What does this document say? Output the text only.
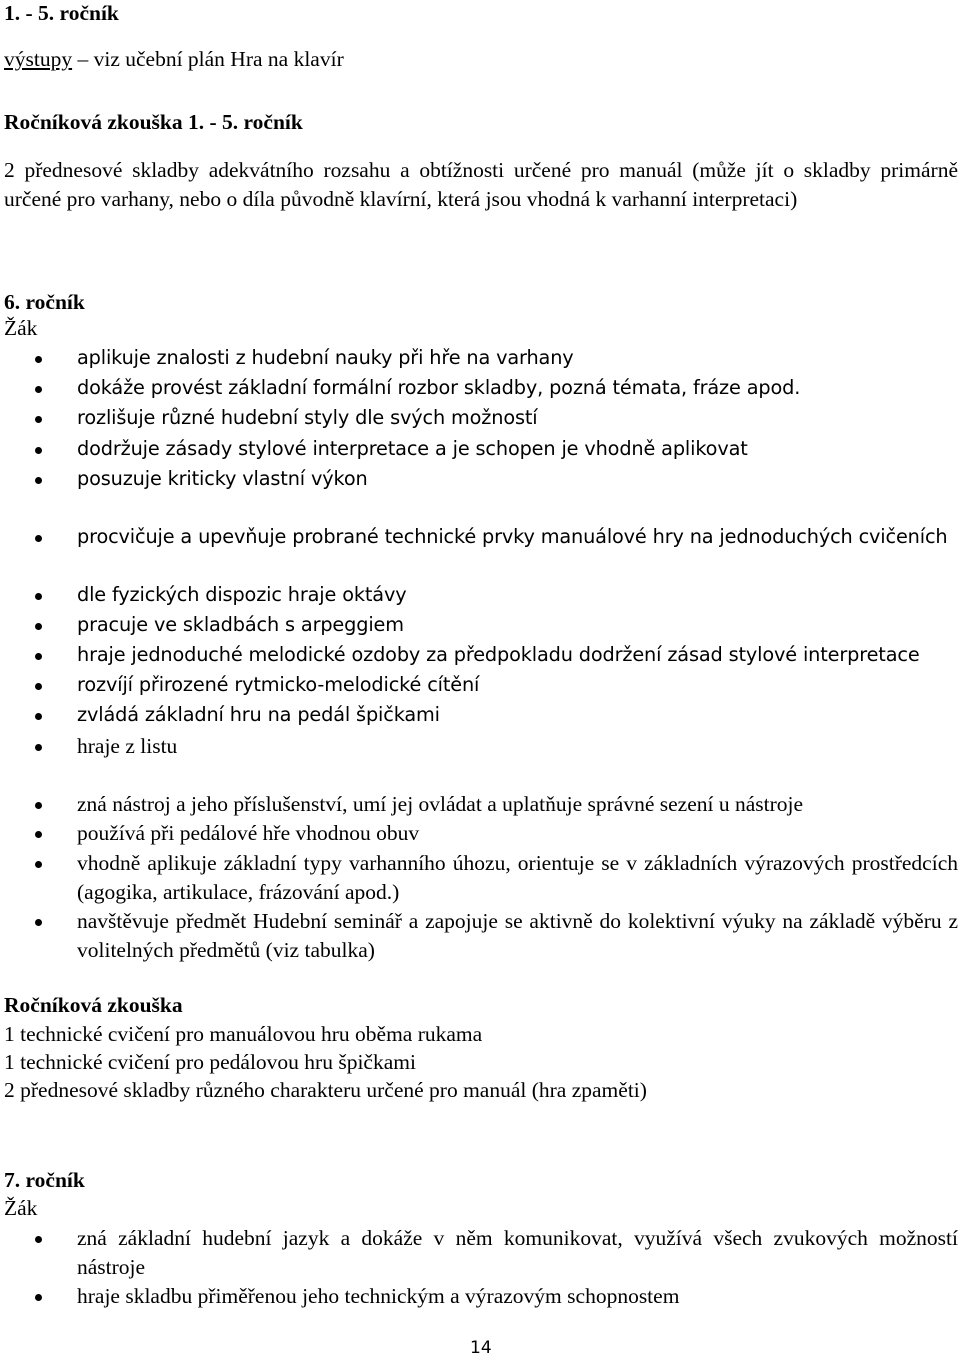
1. - 5. ročník
výstupy – viz učební plán Hra na klavír
Ročníková zkouška 1. - 5. ročník
2 přednesové skladby adekvátního rozsahu a obtížnosti určené pro manuál (může jít o skladby primárně určené pro varhany, nebo o díla původně klavírní, která jsou vhodná k varhanní interpretaci)
6. ročník
Žák
aplikuje znalosti z hudební nauky při hře na varhany
dokáže provést základní formální rozbor skladby, pozná témata, fráze apod.
rozlišuje různé hudební styly dle svých možností
dodržuje zásady stylové interpretace a je schopen je vhodně aplikovat
posuzuje kriticky vlastní výkon
procvičuje a upevňuje probrané technické prvky manuálové hry na jednoduchých cvičeních
dle fyzických dispozic hraje oktávy
pracuje ve skladbách s arpeggiem
hraje jednoduché melodické ozdoby za předpokladu dodržení zásad stylové interpretace
rozvíjí přirozené rytmicko-melodické cítění
zvládá základní hru na pedál špičkami
hraje z listu
zná nástroj a jeho příslušenství, umí jej ovládat a uplatňuje správné sezení u nástroje
používá při pedálové hře vhodnou obuv
vhodně aplikuje základní typy varhanního úhozu, orientuje se v základních výrazových prostředcích (agogika, artikulace, frázování apod.)
navštěvuje předmět Hudební seminář a zapojuje se aktivně do kolektivní výuky na základě výběru z volitelných předmětů (viz tabulka)
Ročníková zkouška
1 technické cvičení pro manuálovou hru oběma rukama
1 technické cvičení pro pedálovou hru špičkami
2 přednesové skladby různého charakteru určené pro manuál (hra zpaměti)
7. ročník
Žák
zná základní hudební jazyk a dokáže v něm komunikovat, využívá všech zvukových možností nástroje
hraje skladbu přiměřenou jeho technickým a výrazovým schopnostem
14
